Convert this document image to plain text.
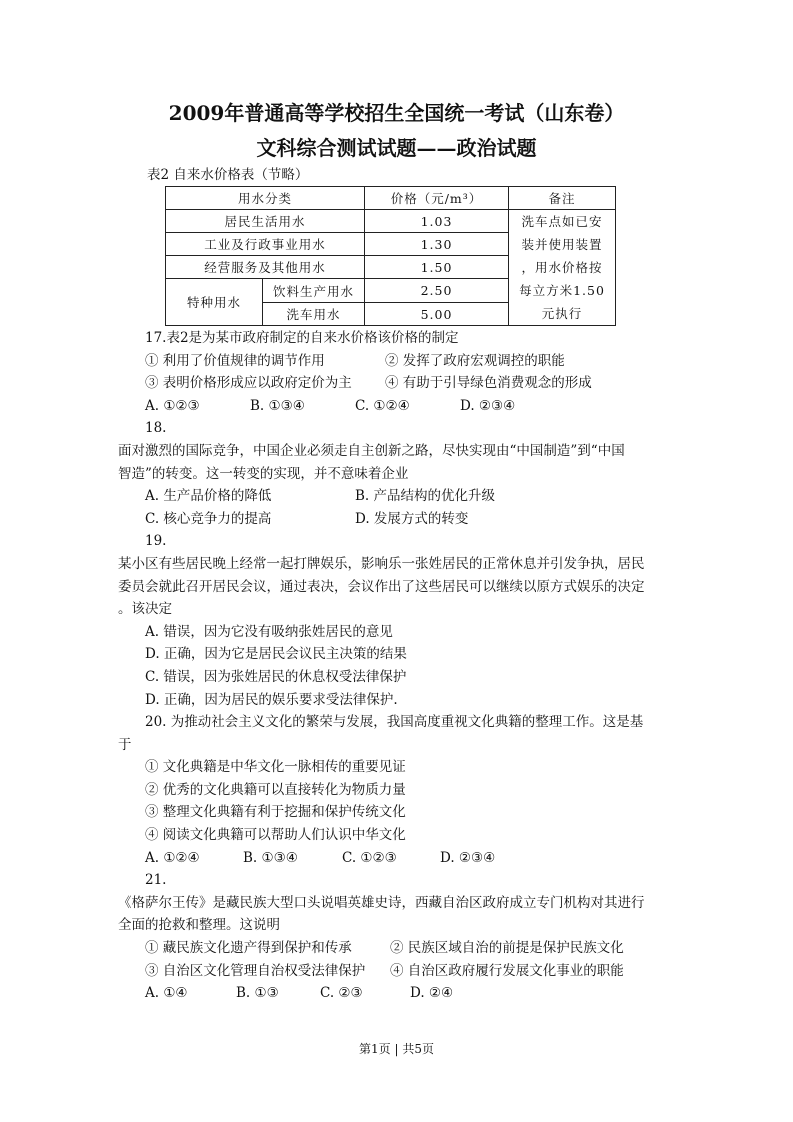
2009年普通高等学校招生全国统一考试（山东卷）
文科综合测试试题——政治试题
表2 自来水价格表（节略）
用水分类		价格（元/m³）	备注
居民生活用水		1.03	洗车点如已安
装并使用装置
，用水价格按
每立方米1.50
元执行

工业及行政事业用水		1.30	
经营服务及其他用水		1.50	
特种用水	饮料生产用水	2.50	
	洗车用水	5.00	
17.表2是为某市政府制定的自来水价格该价格的制定
① 利用了价值规律的调节作用	② 发挥了政府宏观调控的职能
③ 表明价格形成应以政府定价为主 ④ 有助于引导绿色消费观念的形成
A. ①②③	B. ①③④	C. ①②④	D. ②③④
18.
面对激烈的国际竞争，中国企业必须走自主创新之路，尽快实现由“中国制造”到“中国
智造”的转变。这一转变的实现，并不意味着企业
A. 生产品价格的降低	B. 产品结构的优化升级
C. 核心竞争力的提高	D. 发展方式的转变
19.
某小区有些居民晚上经常一起打牌娱乐，影响乐一张姓居民的正常休息并引发争执，居民
委员会就此召开居民会议，通过表决，会议作出了这些居民可以继续以原方式娱乐的决定
。该决定
A. 错误，因为它没有吸纳张姓居民的意见
D. 正确，因为它是居民会议民主决策的结果
C. 错误，因为张姓居民的休息权受法律保护
D. 正确，因为居民的娱乐要求受法律保护.
20. 为推动社会主义文化的繁荣与发展，我国高度重视文化典籍的整理工作。这是基
于
① 文化典籍是中华文化一脉相传的重要见证
② 优秀的文化典籍可以直接转化为物质力量
③ 整理文化典籍有利于挖掘和保护传统文化
④ 阅读文化典籍可以帮助人们认识中华文化
A. ①②④	B. ①③④	C. ①②③	D. ②③④
21.
《格萨尔王传》是藏民族大型口头说唱英雄史诗，西藏自治区政府成立专门机构对其进行
全面的抢救和整理。这说明
① 藏民族文化遗产得到保护和传承	② 民族区域自治的前提是保护民族文化
③ 自治区文化管理自治权受法律保护 ④ 自治区政府履行发展文化事业的职能
A. ①④	B. ①③	C. ②③	D. ②④
第1页 | 共5页
